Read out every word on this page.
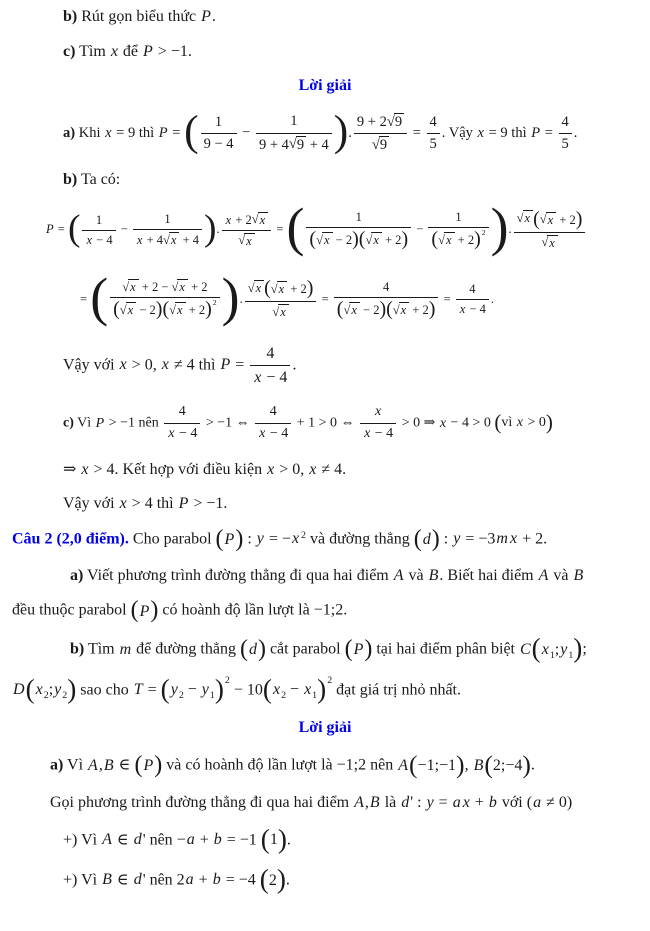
b) Rút gọn biểu thức P.
c) Tìm x để P > −1.
Lời giải
a) Khi x = 9 thì P = ( $\frac{1}{9 - 4} - \frac{1}{9 + 4√9 + 4}$ ). $\frac{9 + 2√9}{√9} = \frac{4}{5}$ . Vậy x = 9 thì $P = \frac{4}{5}$ .
b) Ta có:
P = ( $\frac{1}{x - 4} - \frac{1}{x + 4√x + 4}$ ). $\frac{x + 2√x}{√x}$ = ( $\frac{1}{(√x - 2)(√x + 2)} - \frac{1}{(√x + 2)2}$ ). $\frac{√x (√x + 2)}{√x}$
= ( $\frac{√x + 2 - √x + 2}{(√x - 2)(√x + 2)2}$ ). $\frac{√x (√x + 2)}{√x} = \frac{4}{(√x - 2)(√x + 2)} = \frac{4}{x - 4}$ .
Vậy với x > 0, x ≠ 4 thì $P = \frac{4}{x - 4}$ .
c) Vì P > −1 nên $\frac{4}{x - 4} > -1$ ⇔ $\frac{4}{x - 4} + 1 > 0$ ⇔ $\frac{x}{x - 4} > 0$ ⇒ x − 4 > 0 (vì x > 0)
⇒ x > 4. Kết hợp với điều kiện x > 0, x ≠ 4.
Vậy với x > 4 thì P > −1.
Câu 2 (2,0 điểm). Cho parabol (P) : y = −x 2 và đường thẳng (d) : y = −3m x + 2.
a) Viết phương trình đường thẳng đi qua hai điểm A và B. Biết hai điểm A và B
đều thuộc parabol (P) có hoành độ lần lượt là −1;2.
b) Tìm m để đường thẳng (d) cắt parabol (P) tại hai điểm phân biệt C(x1;y1);
D(x2;y2) sao cho T = (y2 − y1)2 − 10(x2 − x1)2 đạt giá trị nhỏ nhất.
Lời giải
a) Vì A,B ∈ (P) và có hoành độ lần lượt là −1;2 nên A(−1;−1), B(2;−4).
Gọi phương trình đường thẳng đi qua hai điểm A,B là d' : y = a x + b với (a ≠ 0)
+) Vì A ∈ d' nên −a + b = −1 (1).
+) Vì B ∈ d' nên 2a + b = −4 (2).
